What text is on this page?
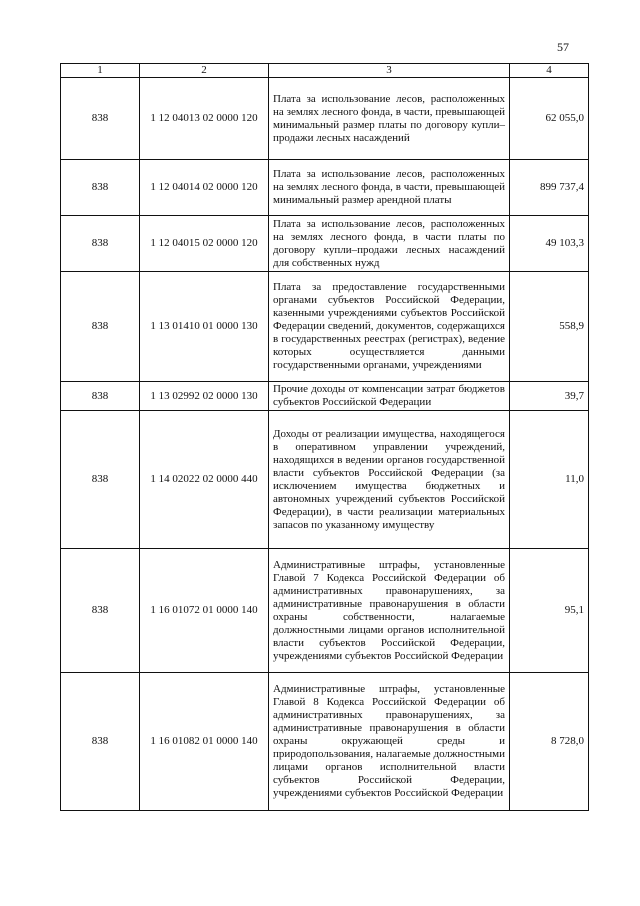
57
1	2	3	4
838	1 12 04013 02 0000 120	Плата за использование лесов, расположенных на землях лесного фонда, в части, превышающей минимальный размер платы по договору купли–продажи лесных насаждений	62 055,0
838	1 12 04014 02 0000 120	Плата за использование лесов, расположенных на землях лесного фонда, в части, превышающей минимальный размер арендной платы	899 737,4
838	1 12 04015 02 0000 120	Плата за использование лесов, расположенных на землях лесного фонда, в части платы по договору купли–продажи лесных насаждений для собственных нужд	49 103,3
838	1 13 01410 01 0000 130	Плата за предоставление государственными органами субъектов Российской Федерации, казенными учреждениями субъектов Российской Федерации сведений, документов, содержащихся в государственных реестрах (регистрах), ведение которых осуществляется данными государственными органами, учреждениями	558,9
838	1 13 02992 02 0000 130	Прочие доходы от компенсации затрат бюджетов субъектов Российской Федерации	39,7
838	1 14 02022 02 0000 440	Доходы от реализации имущества, находящегося в оперативном управлении учреждений, находящихся в ведении органов государственной власти субъектов Российской Федерации (за исключением имущества бюджетных и автономных учреждений субъектов Российской Федерации), в части реализации материальных запасов по указанному имуществу	11,0
838	1 16 01072 01 0000 140	Административные штрафы, установленные Главой 7 Кодекса Российской Федерации об административных правонарушениях, за административные правонарушения в области охраны собственности, налагаемые должностными лицами органов исполнительной власти субъектов Российской Федерации, учреждениями субъектов Российской Федерации	95,1
838	1 16 01082 01 0000 140	Административные штрафы, установленные Главой 8 Кодекса Российской Федерации об административных правонарушениях, за административные правонарушения в области охраны окружающей среды и природопользования, налагаемые должностными лицами органов исполнительной власти субъектов Российской Федерации, учреждениями субъектов Российской Федерации	8 728,0
